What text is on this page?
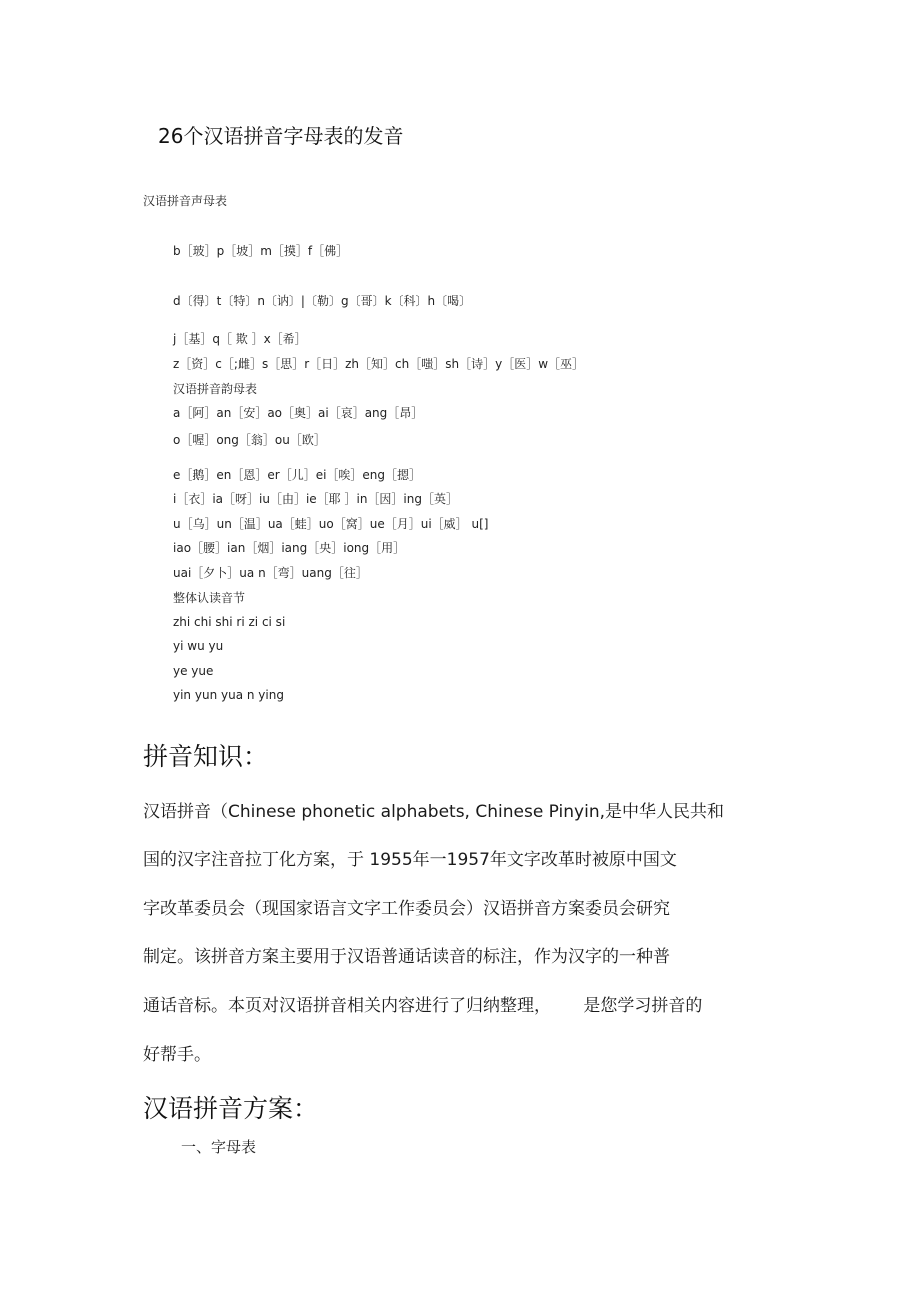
26个汉语拼音字母表的发音
汉语拼音声母表
b［玻］p［坡］m［摸］f［佛］
d〔得〕t〔特〕n〔讷〕|〔勒〕g〔哥〕k〔科〕h〔喝〕
j［基］q［ 欺 ］x［希］
z［资］c［;雌］s［思］r［日］zh［知］ch［嗤］sh［诗］y［医］w［巫］
汉语拼音韵母表
a［阿］an［安］ao［奥］ai［哀］ang［昂］
o［喔］ong［翁］ou［欧］
e［鹅］en［恩］er［儿］ei［唉］eng［摁］
i［衣］ia［呀］iu［由］ie［耶 ］in［因］ing［英］
u［乌］un［温］ua［蛙］uo［窝］ue［月］ui［威］ u[]
iao［腰］ian［烟］iang［央］iong［用］
uai［夕卜］ua n［弯］uang［往］
整体认读音节
zhi chi shi ri zi ci si
yi wu yu
ye yue
yin yun yua n ying
拼音知识：
汉语拼音（Chinese phonetic alphabets, Chinese Pinyin,是中华人民共和
国的汉字注音拉丁化方案，于 1955年一1957年文字改革时被原中国文
字改革委员会（现国家语言文字工作委员会）汉语拼音方案委员会研究
制定。该拼音方案主要用于汉语普通话读音的标注，作为汉字的一种普
通话音标。本页对汉语拼音相关内容进行了归纳整理，      是您学习拼音的
好帮手。
汉语拼音方案：
一、字母表
